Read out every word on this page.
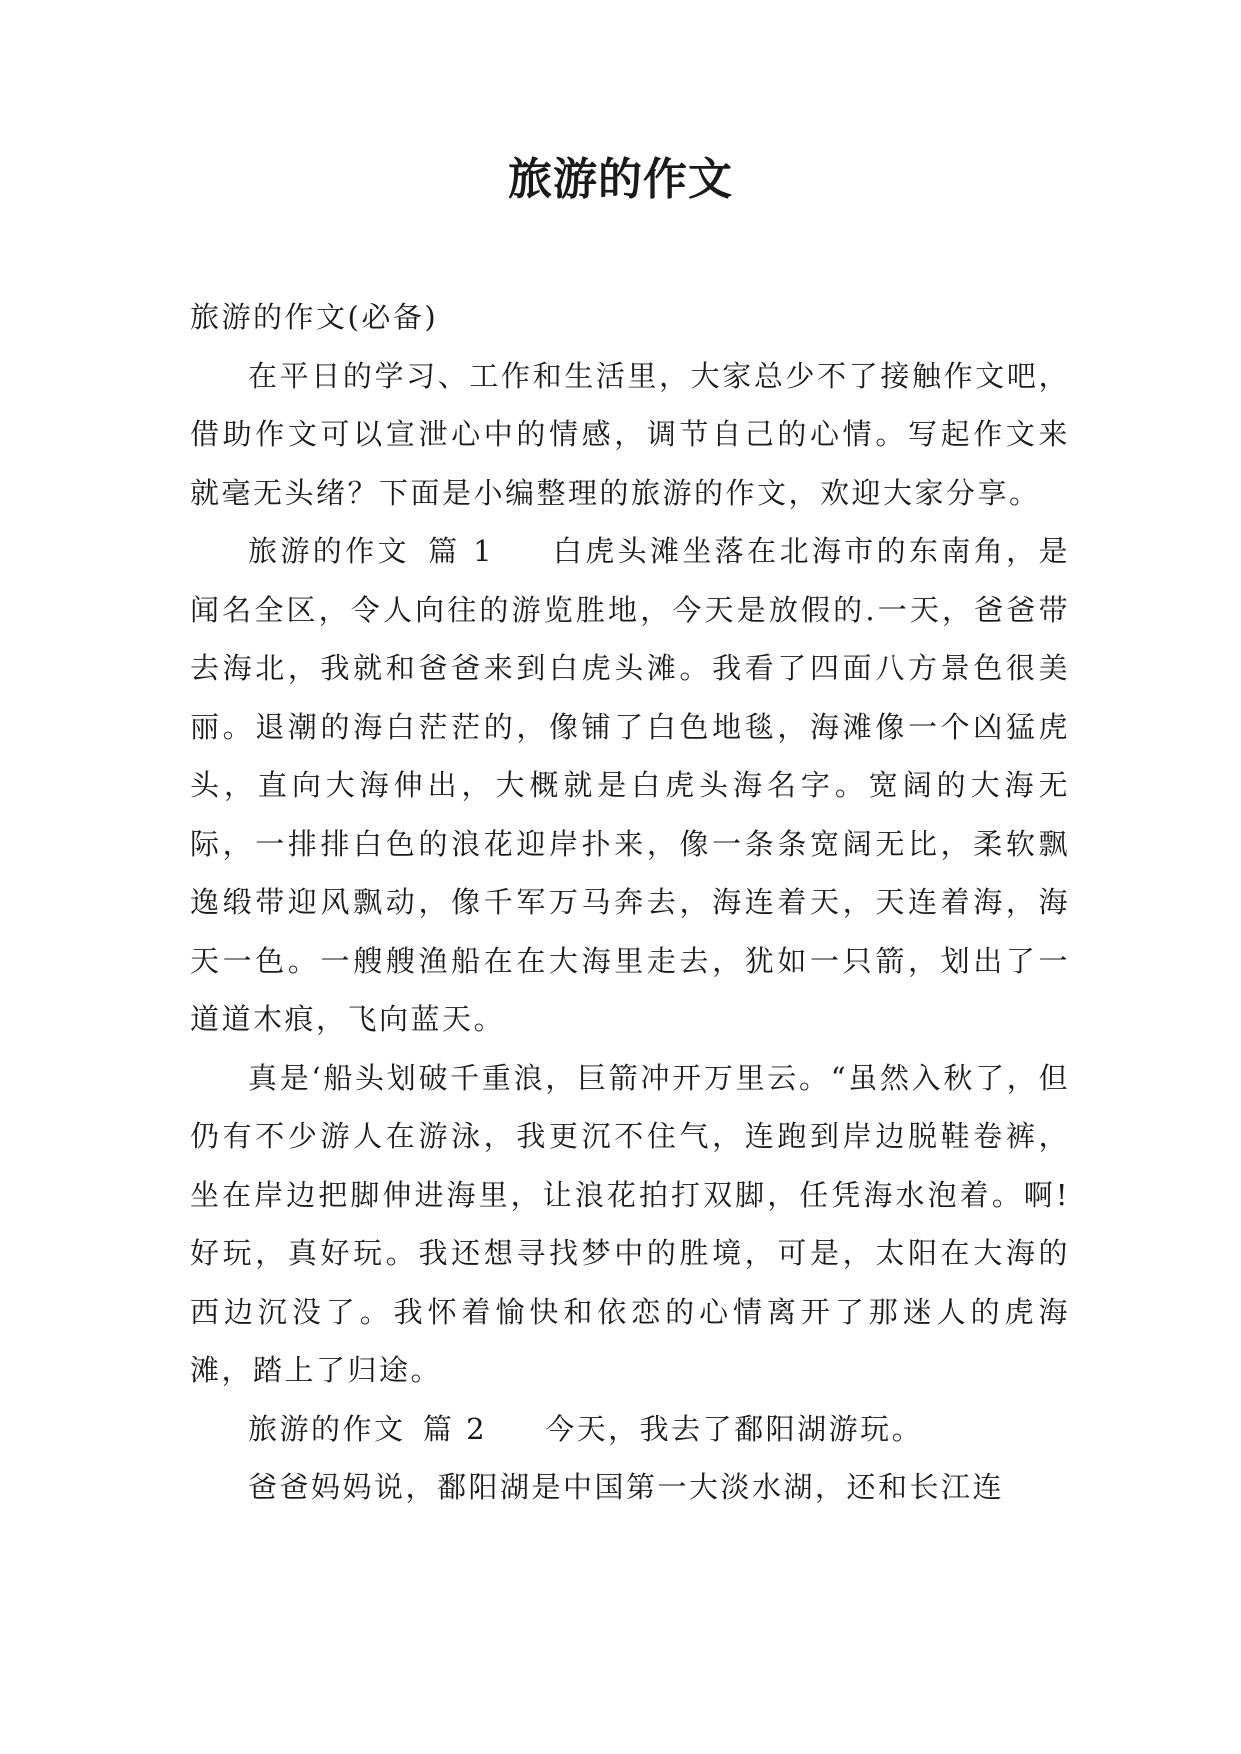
旅游的作文

旅游的作文(必备)

在平日的学习、工作和生活里，大家总少不了接触作文吧，借助作文可以宣泄心中的情感，调节自己的心情。写起作文来就毫无头绪？下面是小编整理的旅游的作文，欢迎大家分享。

旅游的作文 篇 1 白虎头滩坐落在北海市的东南角，是闻名全区，令人向往的游览胜地，今天是放假的.一天，爸爸带去海北，我就和爸爸来到白虎头滩。我看了四面八方景色很美丽。退潮的海白茫茫的，像铺了白色地毯，海滩像一个凶猛虎头，直向大海伸出，大概就是白虎头海名字。宽阔的大海无际，一排排白色的浪花迎岸扑来，像一条条宽阔无比，柔软飘逸缎带迎风飘动，像千军万马奔去，海连着天，天连着海，海天一色。一艘艘渔船在在大海里走去，犹如一只箭，划出了一道道木痕，飞向蓝天。

真是‘船头划破千重浪，巨箭冲开万里云。“虽然入秋了，但仍有不少游人在游泳，我更沉不住气，连跑到岸边脱鞋卷裤，坐在岸边把脚伸进海里，让浪花拍打双脚，任凭海水泡着。啊!好玩，真好玩。我还想寻找梦中的胜境，可是，太阳在大海的西边沉没了。我怀着愉快和依恋的心情离开了那迷人的虎海滩，踏上了归途。

旅游的作文 篇 2 今天，我去了鄱阳湖游玩。

爸爸妈妈说，鄱阳湖是中国第一大淡水湖，还和长江连
